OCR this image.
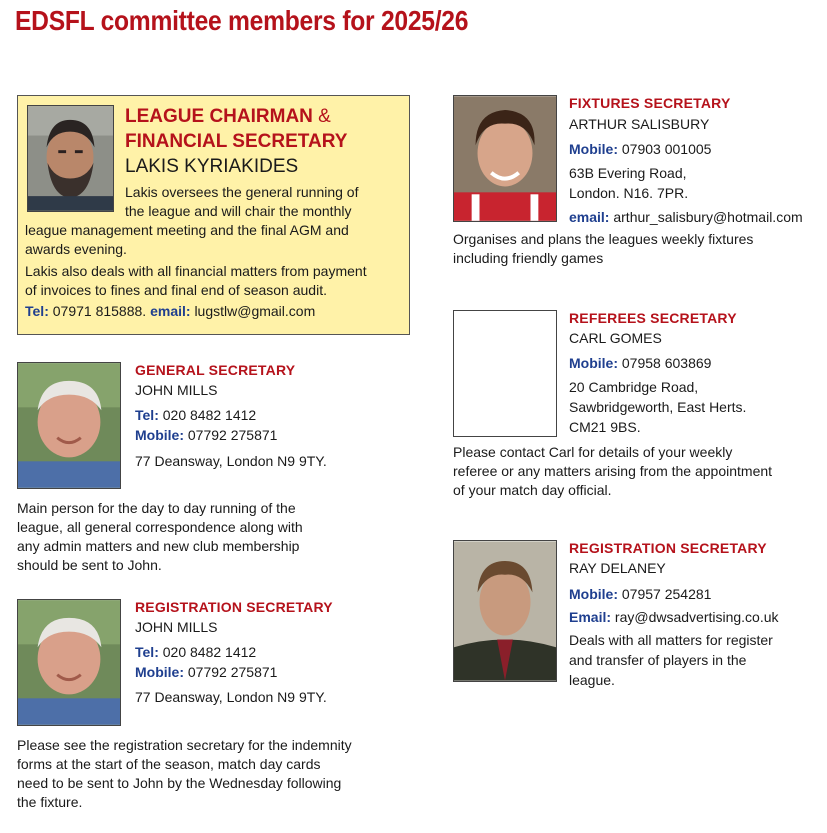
EDSFL committee members for 2025/26
LEAGUE CHAIRMAN &
FINANCIAL SECRETARY
LAKIS KYRIAKIDES
Lakis oversees the general running of
the league and will chair the monthly
league management meeting and the final AGM and
awards evening.
Lakis also deals with all financial matters from payment
of invoices to fines and final end of season audit.
Tel: 07971 815888. email: lugstlw@gmail.com
GENERAL SECRETARY
JOHN MILLS
Tel: 020 8482 1412
Mobile: 07792 275871
77 Deansway, London N9 9TY.
Main person for the day to day running of the
league, all general correspondence along with
any admin matters and new club membership
should be sent to John.
REGISTRATION SECRETARY
JOHN MILLS
Tel: 020 8482 1412
Mobile: 07792 275871
77 Deansway, London N9 9TY.
Please see the registration secretary for the indemnity
forms at the start of the season, match day cards
need to be sent to John by the Wednesday following
the fixture.
FIXTURES SECRETARY
ARTHUR SALISBURY
Mobile: 07903 001005
63B Evering Road,
London. N16. 7PR.
email: arthur_salisbury@hotmail.com
Organises and plans the leagues weekly fixtures
including friendly games
REFEREES SECRETARY
CARL GOMES
Mobile: 07958 603869
20 Cambridge Road,
Sawbridgeworth, East Herts.
CM21 9BS.
Please contact Carl for details of your weekly
referee or any matters arising from the appointment
of your match day official.
REGISTRATION SECRETARY
RAY DELANEY
Mobile: 07957 254281
Email: ray@dwsadvertising.co.uk
Deals with all matters for register
and transfer of players in the
league.
